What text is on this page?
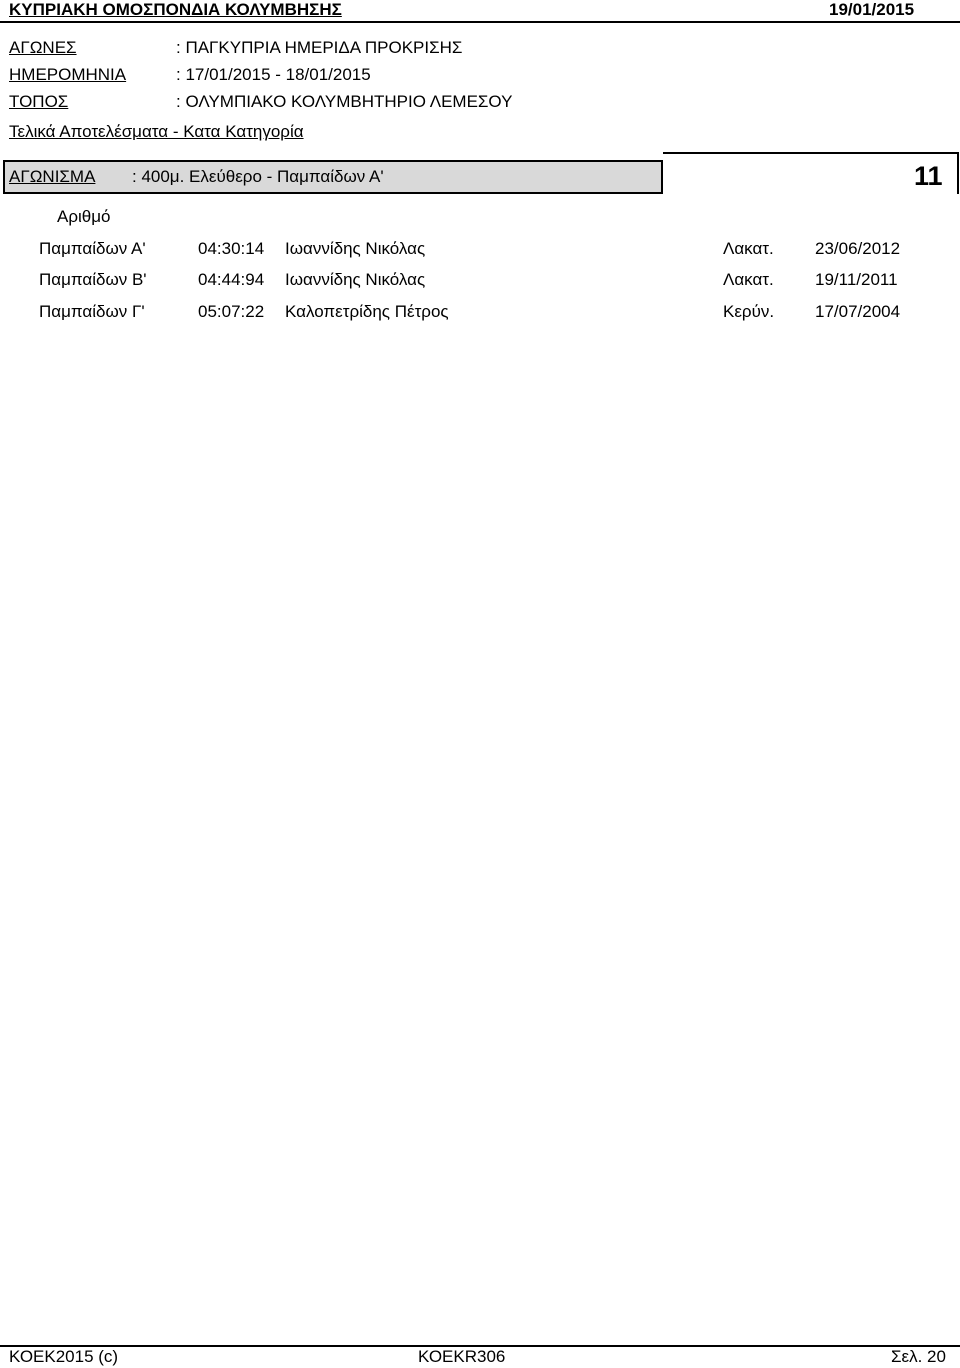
ΚΥΠΡΙΑΚΗ ΟΜΟΣΠΟΝΔΙΑ ΚΟΛΥΜΒΗΣΗΣ	19/01/2015
ΑΓΩΝΕΣ	: ΠΑΓΚΥΠΡΙΑ ΗΜΕΡΙΔΑ ΠΡΟΚΡΙΣΗΣ
ΗΜΕΡΟΜΗΝΙΑ	: 17/01/2015 - 18/01/2015
ΤΟΠΟΣ	: ΟΛΥΜΠΙΑΚΟ ΚΟΛΥΜΒΗΤΗΡΙΟ ΛΕΜΕΣΟΥ
Τελικά Αποτελέσματα - Κατα Κατηγορία
ΑΓΩΝΙΣΜΑ : 400μ. Ελεύθερο - Παμπαίδων Α'	11
Αριθμό
Παμπαίδων Α'	04:30:14 Ιωαννίδης Νικόλας	Λακατ. 23/06/2012
Παμπαίδων Β'	04:44:94 Ιωαννίδης Νικόλας	Λακατ. 19/11/2011
Παμπαίδων Γ'	05:07:22 Καλοπετρίδης Πέτρος	Κερύν. 17/07/2004
ΚΟΕΚ2015 (c)	ΚΟΕΚR306	Σελ. 20
